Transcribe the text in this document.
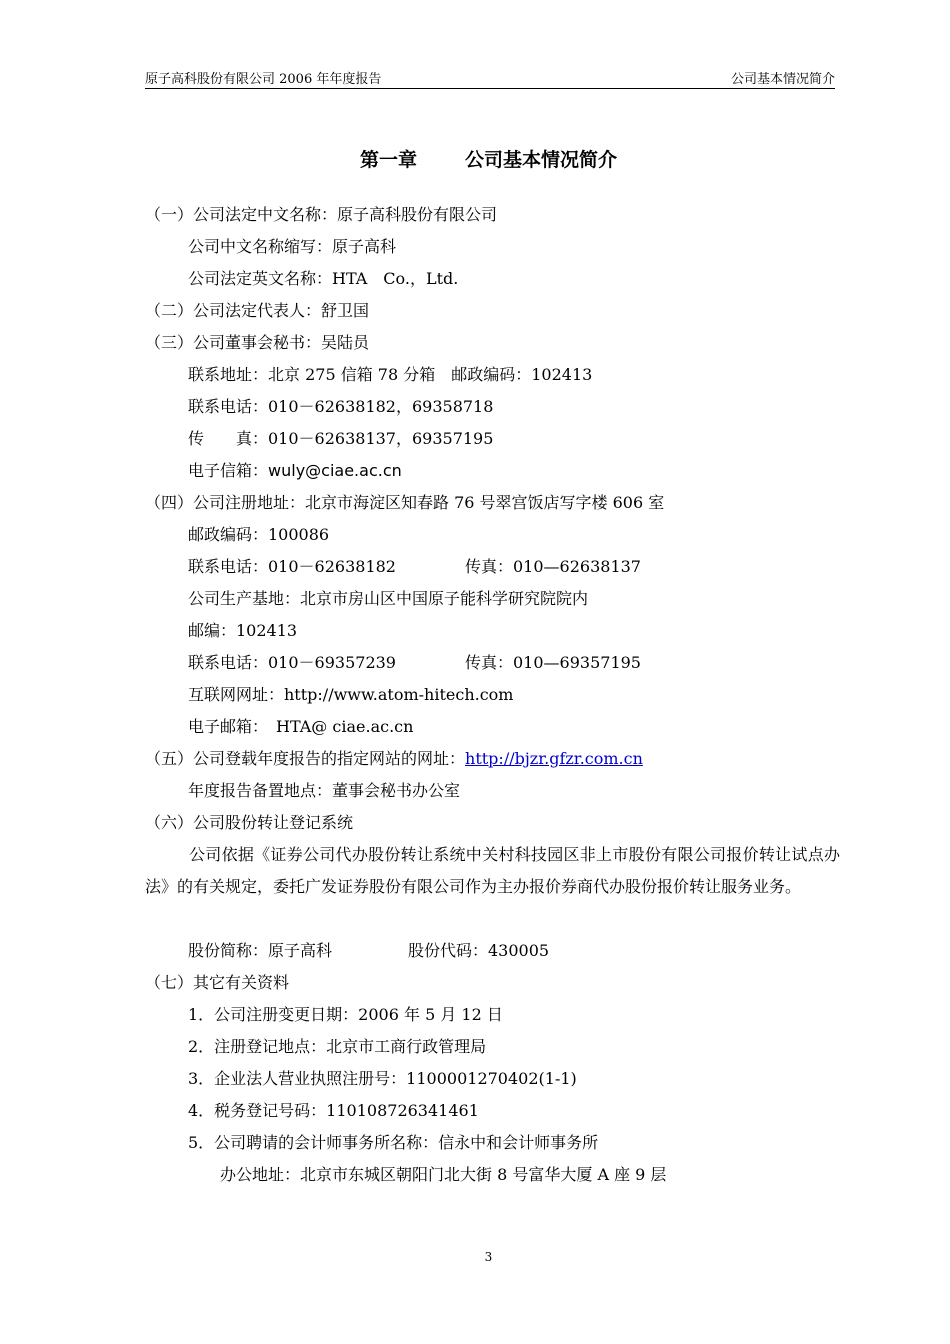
原子高科股份有限公司 2006 年年度报告	公司基本情况简介
第一章	公司基本情况简介
（一）公司法定中文名称：原子高科股份有限公司
公司中文名称缩写：原子高科
公司法定英文名称：HTA　Co.，Ltd.
（二）公司法定代表人：舒卫国
（三）公司董事会秘书：吴陆员
联系地址：北京 275 信箱 78 分箱　邮政编码：102413
联系电话：010－62638182，69358718
传　　真：010－62638137，69357195
电子信箱：wuly@ciae.ac.cn
（四）公司注册地址：北京市海淀区知春路 76 号翠宫饭店写字楼 606 室
邮政编码：100086
联系电话：010－62638182	传真：010—62638137
公司生产基地：北京市房山区中国原子能科学研究院院内
邮编：102413
联系电话：010－69357239	传真：010—69357195
互联网网址：http://www.atom-hitech.com
电子邮箱：　HTA@ ciae.ac.cn
（五）公司登载年度报告的指定网站的网址：http://bjzr.gfzr.com.cn
年度报告备置地点：董事会秘书办公室
（六）公司股份转让登记系统
公司依据《证券公司代办股份转让系统中关村科技园区非上市股份有限公司报价转让试点办法》的有关规定，委托广发证券股份有限公司作为主办报价券商代办股份报价转让服务业务。
股份简称：原子高科	股份代码：430005
（七）其它有关资料
1．公司注册变更日期：2006 年 5 月 12 日
2．注册登记地点：北京市工商行政管理局
3．企业法人营业执照注册号：1100001270402(1-1)
4．税务登记号码：110108726341461
5．公司聘请的会计师事务所名称：信永中和会计师事务所
办公地址：北京市东城区朝阳门北大街 8 号富华大厦 A 座 9 层
3
